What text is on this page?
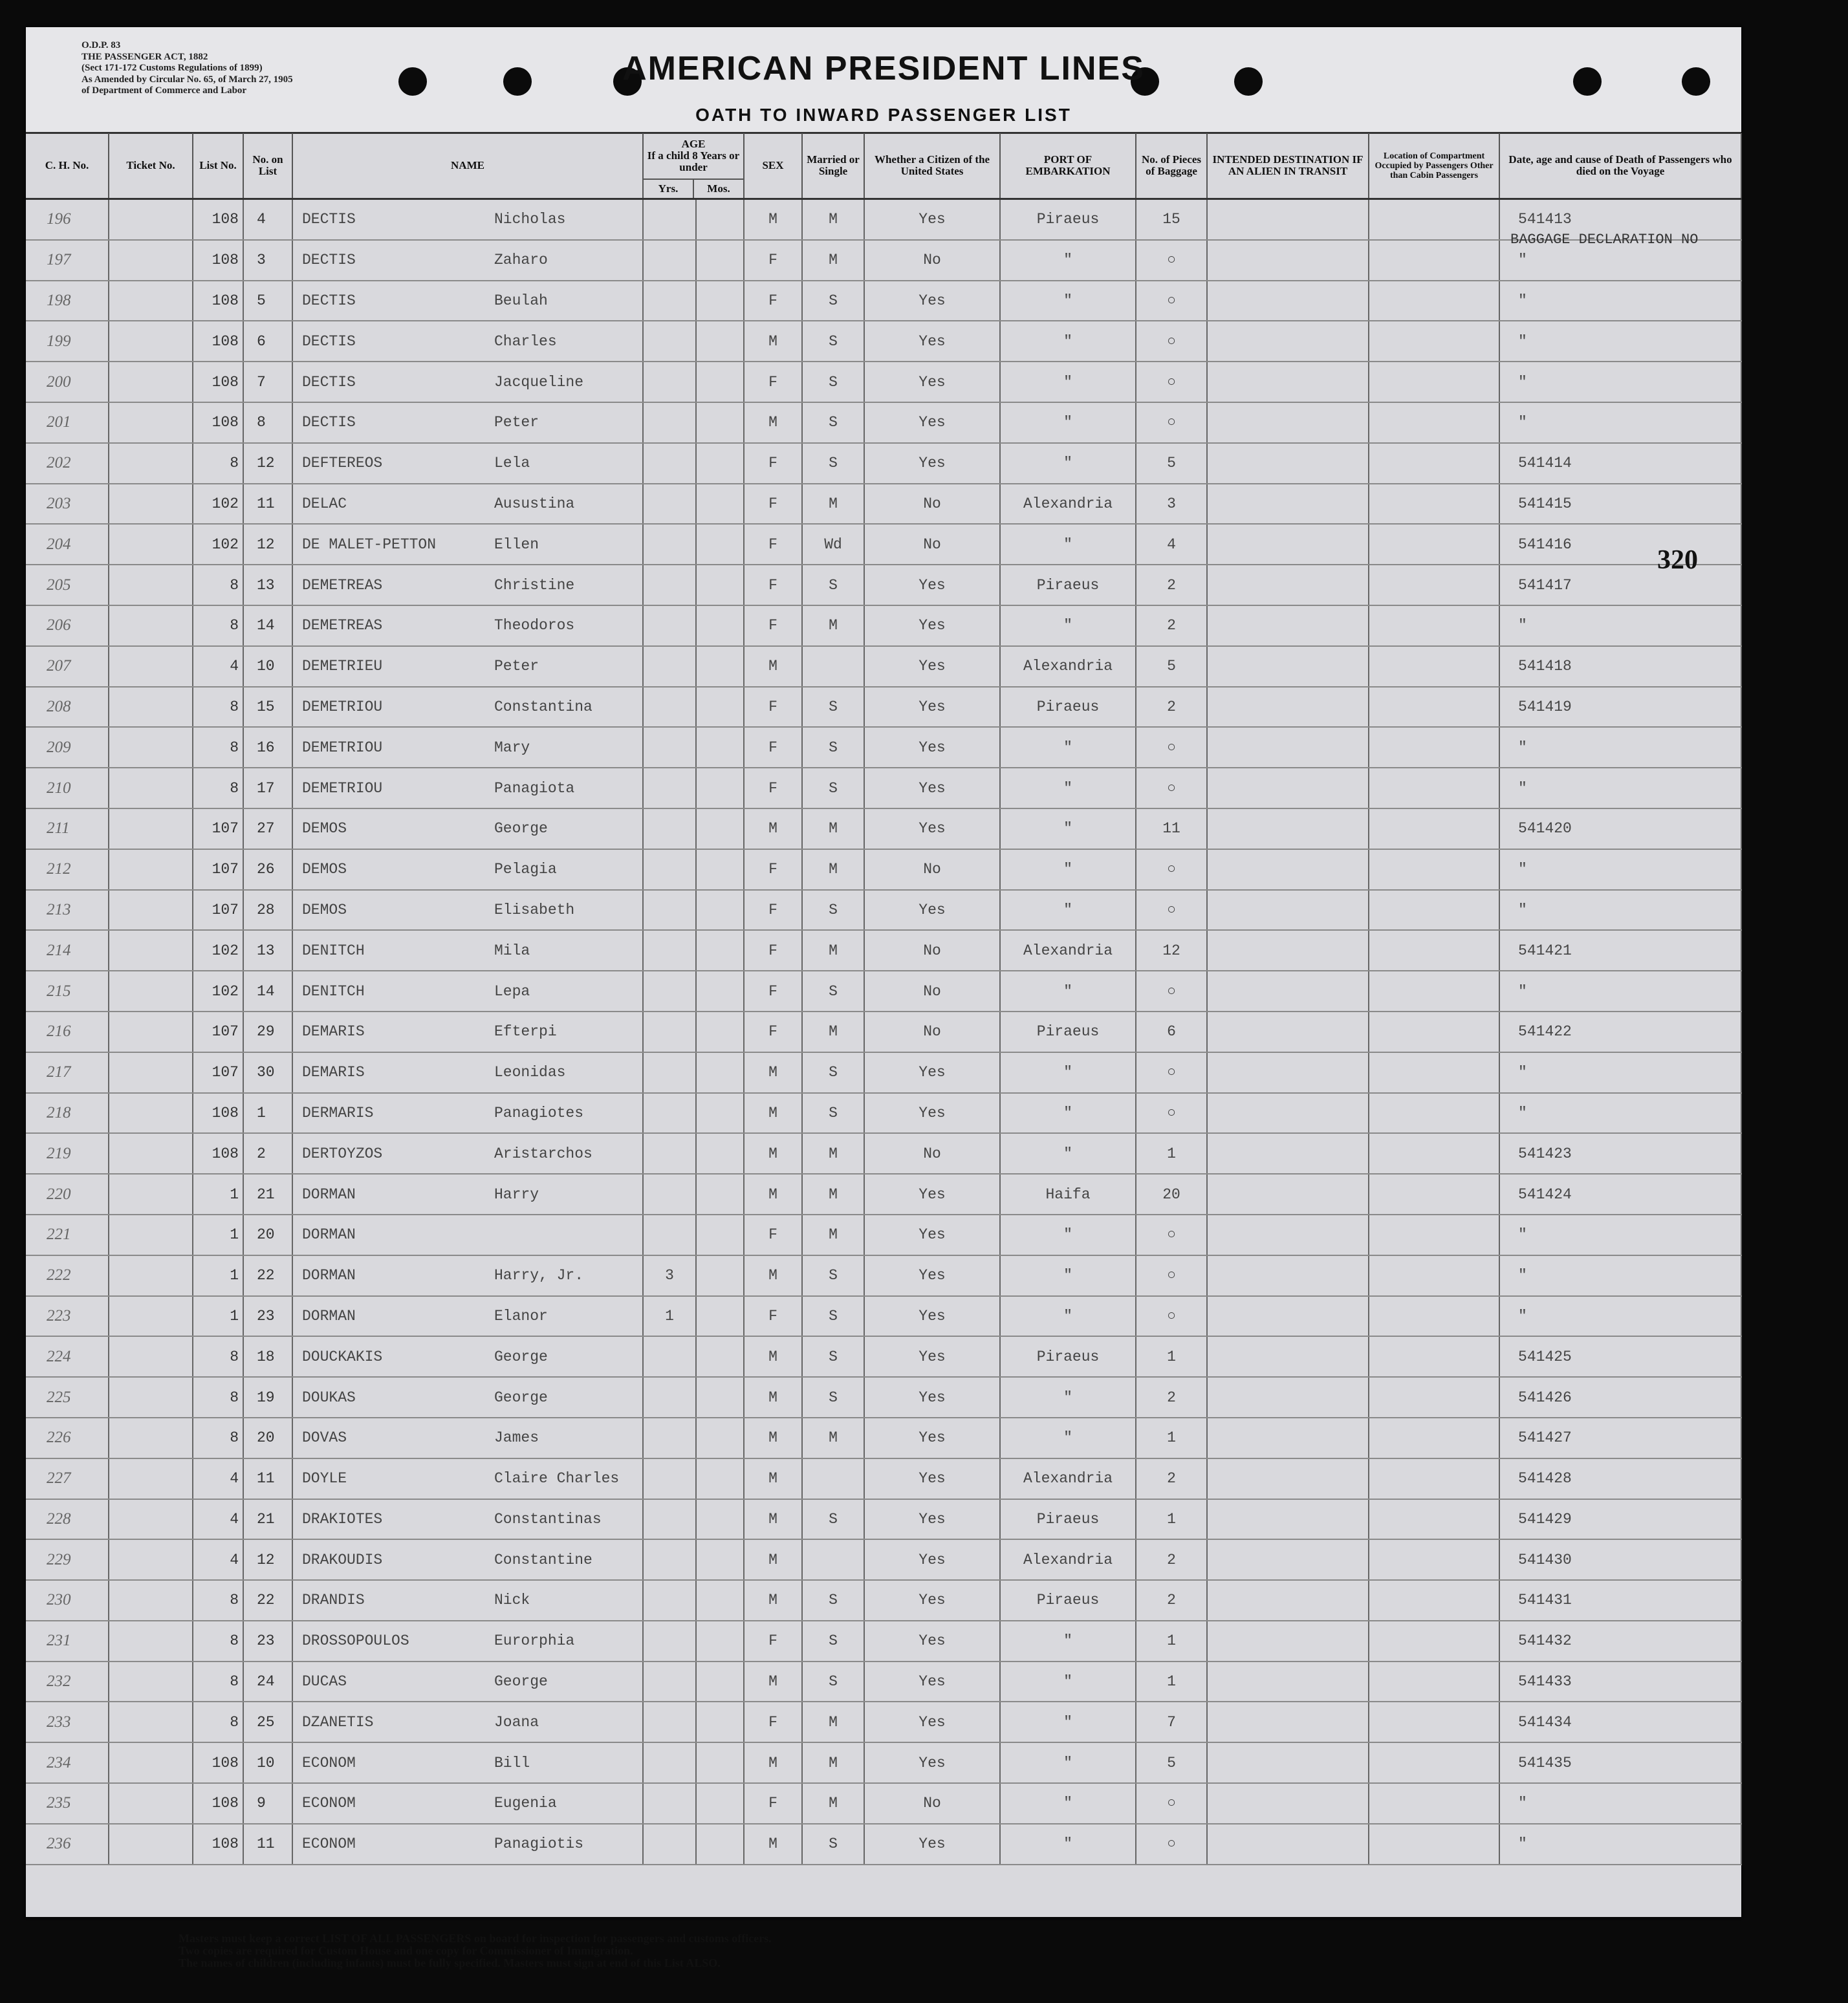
O.D.P. 83
THE PASSENGER ACT, 1882
(Sect 171-172 Customs Regulations of 1899)
As Amended by Circular No. 65, of March 27, 1905
of Department of Commerce and Labor
AMERICAN PRESIDENT LINES
OATH TO INWARD PASSENGER LIST
C. H. No.	Ticket No.	List No.	No. on List	NAME		AGE
If a child 8 Years or under
Yrs. Mos.		SEX	Married or Single	Whether a Citizen of the United States	PORT OF EMBARKATION	No. of Pieces of Baggage	INTENDED DESTINATION IF AN ALIEN IN TRANSIT	Location of Compartment Occupied by Passengers Other than Cabin Passengers	Date, age and cause of Death of Passengers who died on the Voyage
196		108	4	DECTIS	Nicholas			M	M	Yes	Piraeus	15			541413
197		108	3	DECTIS	Zaharo			F	M	No	"	○			"
198		108	5	DECTIS	Beulah			F	S	Yes	"	○			"
199		108	6	DECTIS	Charles			M	S	Yes	"	○			"
200		108	7	DECTIS	Jacqueline			F	S	Yes	"	○			"
201		108	8	DECTIS	Peter			M	S	Yes	"	○			"
202		8	12	DEFTEREOS	Lela			F	S	Yes	"	5			541414
203		102	11	DELAC	Ausustina			F	M	No	Alexandria	3			541415
204		102	12	DE MALET-PETTON	Ellen			F	Wd	No	"	4			541416
205		8	13	DEMETREAS	Christine			F	S	Yes	Piraeus	2			541417
206		8	14	DEMETREAS	Theodoros			F	M	Yes	"	2			"
207		4	10	DEMETRIEU	Peter			M		Yes	Alexandria	5			541418
208		8	15	DEMETRIOU	Constantina			F	S	Yes	Piraeus	2			541419
209		8	16	DEMETRIOU	Mary			F	S	Yes	"	○			"
210		8	17	DEMETRIOU	Panagiota			F	S	Yes	"	○			"
211		107	27	DEMOS	George			M	M	Yes	"	11			541420
212		107	26	DEMOS	Pelagia			F	M	No	"	○			"
213		107	28	DEMOS	Elisabeth			F	S	Yes	"	○			"
214		102	13	DENITCH	Mila			F	M	No	Alexandria	12			541421
215		102	14	DENITCH	Lepa			F	S	No	"	○			"
216		107	29	DEMARIS	Efterpi			F	M	No	Piraeus	6			541422
217		107	30	DEMARIS	Leonidas			M	S	Yes	"	○			"
218		108	1	DERMARIS	Panagiotes			M	S	Yes	"	○			"
219		108	2	DERTOYZOS	Aristarchos			M	M	No	"	1			541423
220		1	21	DORMAN	Harry			M	M	Yes	Haifa	20			541424
221		1	20	DORMAN				F	M	Yes	"	○			"
222		1	22	DORMAN	Harry, Jr.	3		M	S	Yes	"	○			"
223		1	23	DORMAN	Elanor	1		F	S	Yes	"	○			"
224		8	18	DOUCKAKIS	George			M	S	Yes	Piraeus	1			541425
225		8	19	DOUKAS	George			M	S	Yes	"	2			541426
226		8	20	DOVAS	James			M	M	Yes	"	1			541427
227		4	11	DOYLE	Claire Charles			M		Yes	Alexandria	2			541428
228		4	21	DRAKIOTES	Constantinas			M	S	Yes	Piraeus	1			541429
229		4	12	DRAKOUDIS	Constantine			M		Yes	Alexandria	2			541430
230		8	22	DRANDIS	Nick			M	S	Yes	Piraeus	2			541431
231		8	23	DROSSOPOULOS	Eurorphia			F	S	Yes	"	1			541432
232		8	24	DUCAS	George			M	S	Yes	"	1			541433
233		8	25	DZANETIS	Joana			F	M	Yes	"	7			541434
234		108	10	ECONOM	Bill			M	M	Yes	"	5			541435
235		108	9	ECONOM	Eugenia			F	M	No	"	○			"
236		108	11	ECONOM	Panagiotis			M	S	Yes	"	○			"
BAGGAGE DECLARATION NO
320
Masters must keep a correct LIST OF ALL PASSENGERS on board for inspection for passengers and customs officers.
Two copies are required for Custom House and one copy for Commissioner of Immigration.
The names of children (including infants) must be fully specified. Masters must sign at end of this List ALSO.
